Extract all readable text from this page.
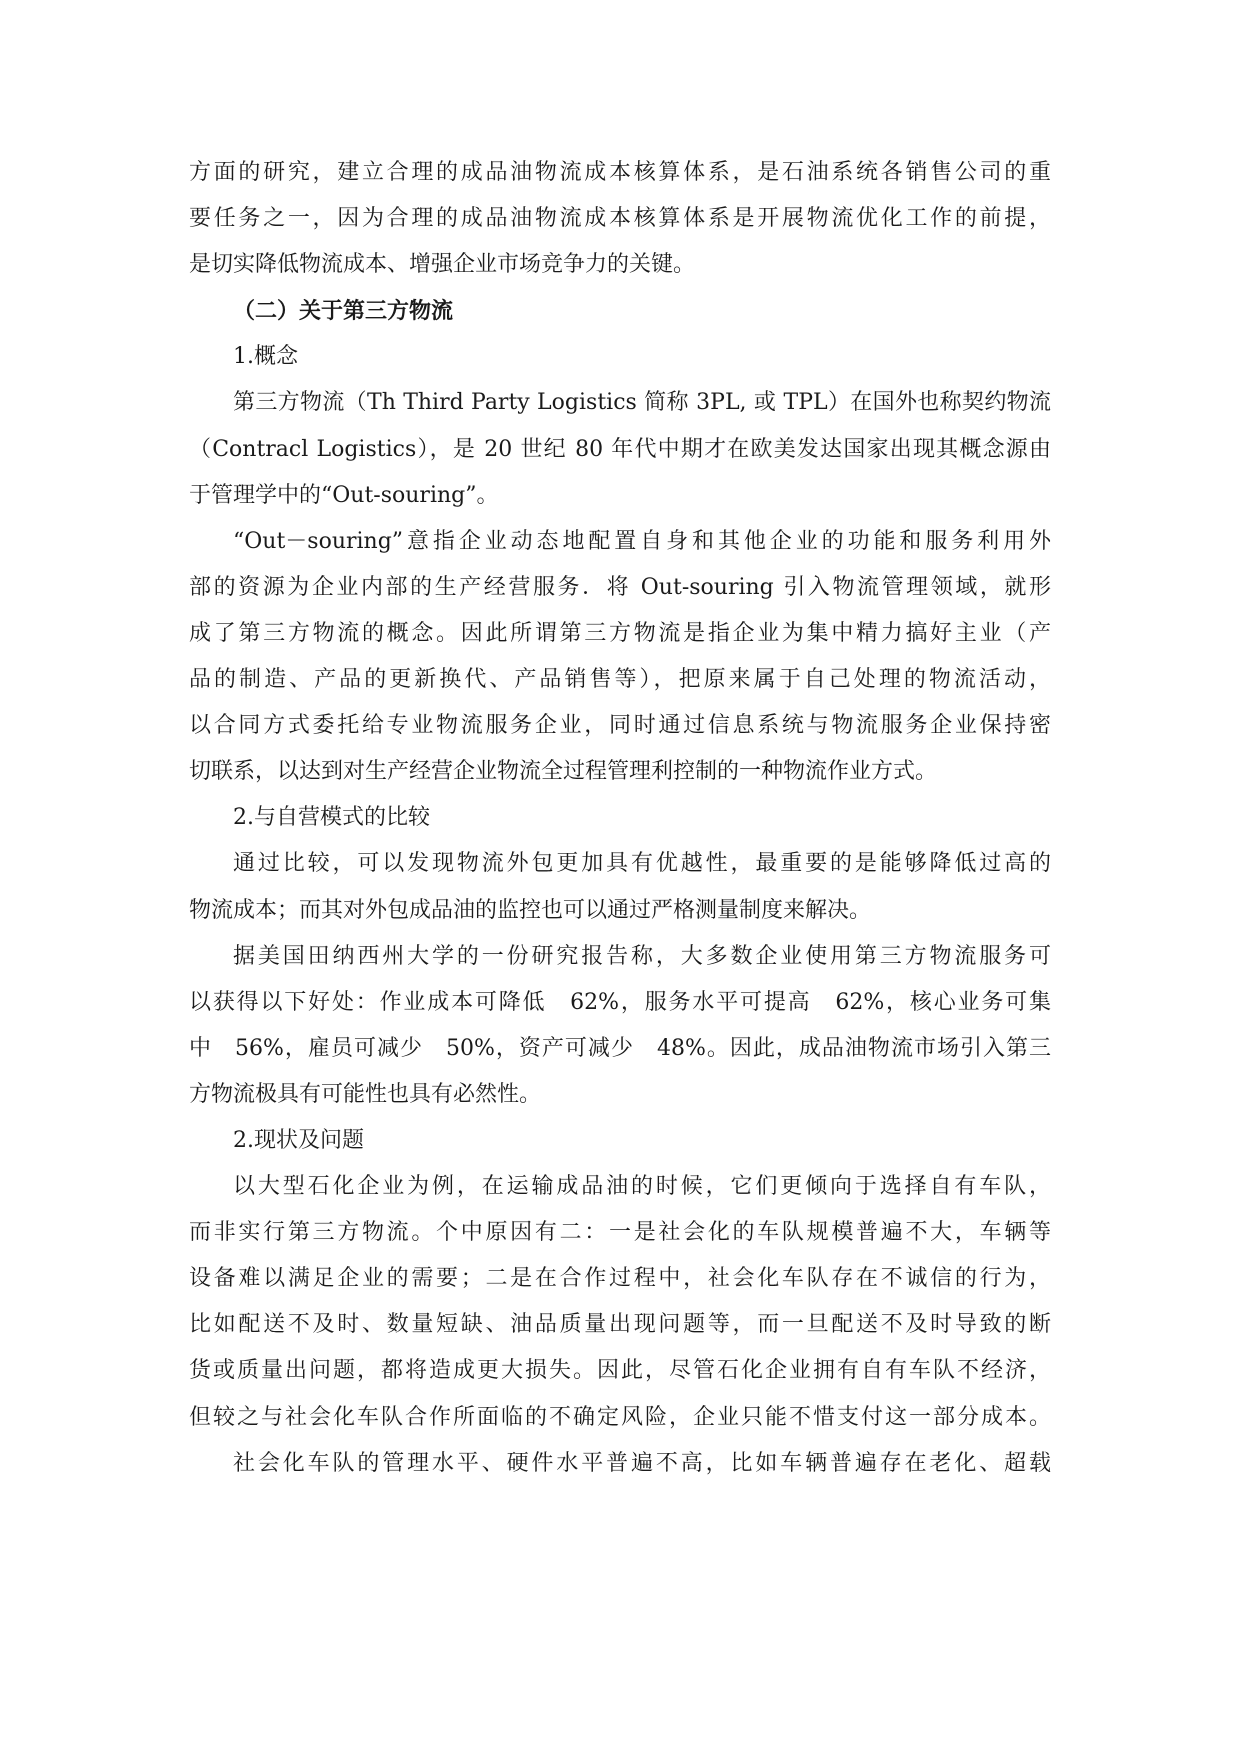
方面的研究，建立合理的成品油物流成本核算体系，是石油系统各销售公司的重
要任务之一，因为合理的成品油物流成本核算体系是开展物流优化工作的前提，
是切实降低物流成本、增强企业市场竞争力的关键。
（二）关于第三方物流
1.概念
第三方物流（Th Third Party Logistics 简称 3PL, 或 TPL）在国外也称契约物流
（Contracl Logistics），是 20 世纪 80 年代中期才在欧美发达国家出现其概念源由
于管理学中的“Out-souring”。
“Out－souring”意指企业动态地配置自身和其他企业的功能和服务利用外
部的资源为企业内部的生产经营服务．将 Out-souring 引入物流管理领域，就形
成了第三方物流的概念。因此所谓第三方物流是指企业为集中精力搞好主业（产
品的制造、产品的更新换代、产品销售等），把原来属于自己处理的物流活动，
以合同方式委托给专业物流服务企业，同时通过信息系统与物流服务企业保持密
切联系，以达到对生产经营企业物流全过程管理利控制的一种物流作业方式。
2.与自营模式的比较
通过比较，可以发现物流外包更加具有优越性，最重要的是能够降低过高的
物流成本；而其对外包成品油的监控也可以通过严格测量制度来解决。
据美国田纳西州大学的一份研究报告称，大多数企业使用第三方物流服务可
以获得以下好处：作业成本可降低　62%，服务水平可提高　62%，核心业务可集
中　56%，雇员可减少　50%，资产可减少　48%。因此，成品油物流市场引入第三
方物流极具有可能性也具有必然性。
2.现状及问题
以大型石化企业为例，在运输成品油的时候，它们更倾向于选择自有车队，
而非实行第三方物流。个中原因有二：一是社会化的车队规模普遍不大，车辆等
设备难以满足企业的需要；二是在合作过程中，社会化车队存在不诚信的行为，
比如配送不及时、数量短缺、油品质量出现问题等，而一旦配送不及时导致的断
货或质量出问题，都将造成更大损失。因此，尽管石化企业拥有自有车队不经济，
但较之与社会化车队合作所面临的不确定风险，企业只能不惜支付这一部分成本。
社会化车队的管理水平、硬件水平普遍不高，比如车辆普遍存在老化、超载
